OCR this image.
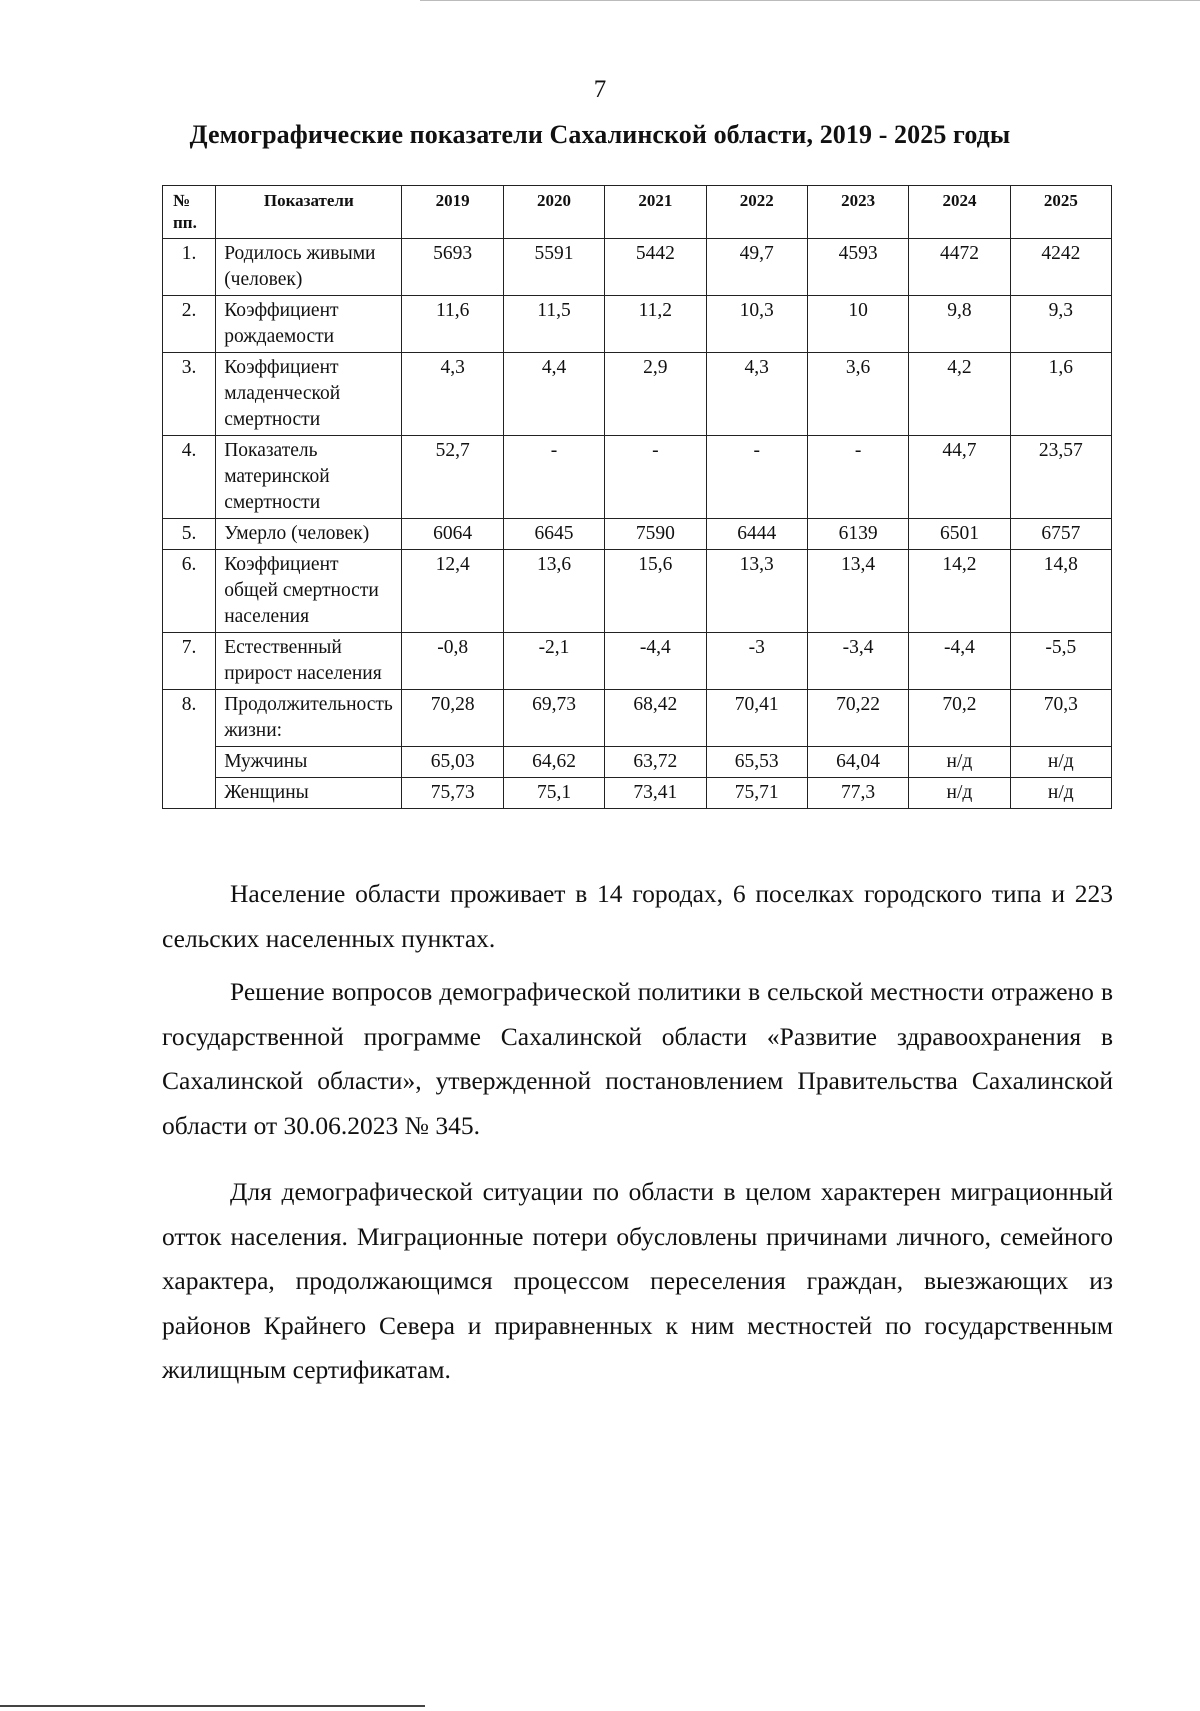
7
Демографические показатели Сахалинской области, 2019 - 2025 годы
№ пп.	Показатели	2019	2020	2021	2022	2023	2024	2025
1.	Родилось живыми (человек)	5693	5591	5442	49,7	4593	4472	4242
2.	Коэффициент рождаемости	11,6	11,5	11,2	10,3	10	9,8	9,3
3.	Коэффициент младенческой смертности	4,3	4,4	2,9	4,3	3,6	4,2	1,6
4.	Показатель материнской смертности	52,7	-	-	-	-	44,7	23,57
5.	Умерло (человек)	6064	6645	7590	6444	6139	6501	6757
6.	Коэффициент общей смертности населения	12,4	13,6	15,6	13,3	13,4	14,2	14,8
7.	Естественный прирост населения	-0,8	-2,1	-4,4	-3	-3,4	-4,4	-5,5
8.	Продолжительность жизни:	70,28	69,73	68,42	70,41	70,22	70,2	70,3
	Мужчины	65,03	64,62	63,72	65,53	64,04	н/д	н/д
	Женщины	75,73	75,1	73,41	75,71	77,3	н/д	н/д

Население области проживает в 14 городах, 6 поселках городского типа и 223 сельских населенных пунктах.

Решение вопросов демографической политики в сельской местности отражено в государственной программе Сахалинской области «Развитие здравоохранения в Сахалинской области», утвержденной постановлением Правительства Сахалинской области от 30.06.2023 № 345.

Для демографической ситуации по области в целом характерен миграционный отток населения. Миграционные потери обусловлены причинами личного, семейного характера, продолжающимся процессом переселения граждан, выезжающих из районов Крайнего Севера и приравненных к ним местностей по государственным жилищным сертификатам.
